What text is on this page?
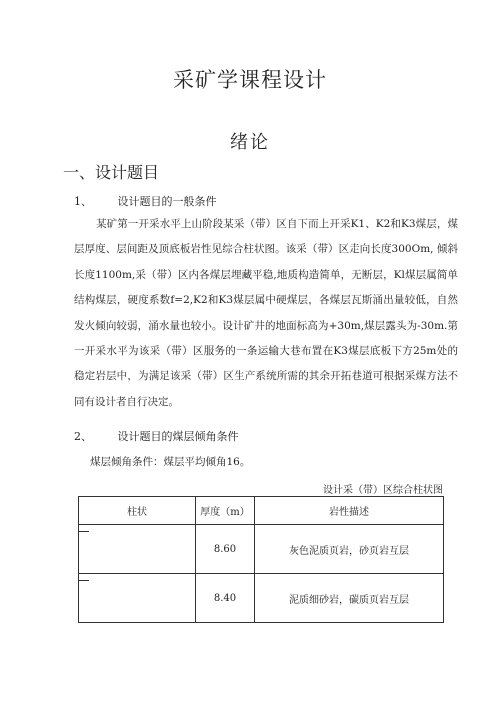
采矿学课程设计
绪论
一、设计题目
1、 设计题目的一般条件
某矿第一开采水平上山阶段某采（带）区自下而上开采K1、K2和K3煤层，煤层厚度、层间距及顶底板岩性见综合柱状图。该采（带）区走向长度300Om, 倾斜长度1100m,采（带）区内各煤层埋藏平稳,地质构造简单，无断层，Kl煤层属简单结构煤层，硬度系数f=2,K2和K3煤层属中硬煤层，各煤层瓦斯涌出量较低，自然发火倾向较弱，涌水量也较小。设计矿井的地面标高为+30m,煤层露头为-30m.第一开采水平为该采（带）区服务的一条运输大巷布置在K3煤层底板下方25m处的稳定岩层中，为满足该采（带）区生产系统所需的其余开拓巷道可根据采煤方法不同有设计者自行决定。
2、 设计题目的煤层倾角条件
煤层倾角条件：煤层平均倾角16。
设计采（带）区综合柱状图
柱状	厚度（m）	岩性描述

	8.60	灰色泥质页岩，砂页岩互层

	8.40	泥质细砂岩，碳质页岩互层
